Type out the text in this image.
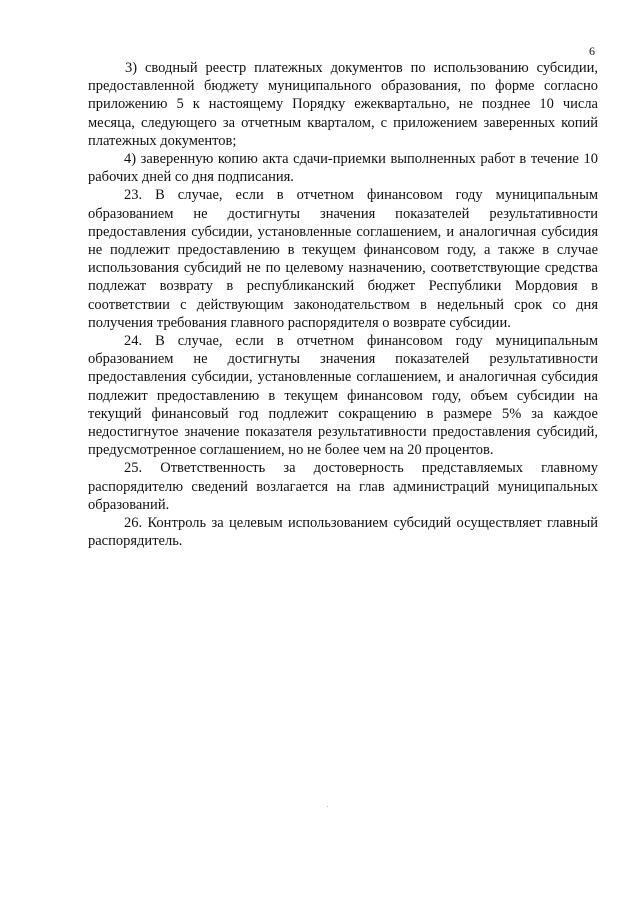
6

3) сводный реестр платежных документов по использованию субсидии, предоставленной бюджету муниципального образования, по форме согласно приложению 5 к настоящему Порядку ежеквартально, не позднее 10 числа месяца, следующего за отчетным кварталом, с приложением заверенных копий платежных документов;

4) заверенную копию акта сдачи-приемки выполненных работ в течение 10 рабочих дней со дня подписания.

23. В случае, если в отчетном финансовом году муниципальным образованием не достигнуты значения показателей результативности предоставления субсидии, установленные соглашением, и аналогичная субсидия не подлежит предоставлению в текущем финансовом году, а также в случае использования субсидий не по целевому назначению, соответствующие средства подлежат возврату в республиканский бюджет Республики Мордовия в соответствии с действующим законодательством в недельный срок со дня получения требования главного распорядителя о возврате субсидии.

24. В случае, если в отчетном финансовом году муниципальным образованием не достигнуты значения показателей результативности предоставления субсидии, установленные соглашением, и аналогичная субсидия подлежит предоставлению в текущем финансовом году, объем субсидии на текущий финансовый год подлежит сокращению в размере 5% за каждое недостигнутое значение показателя результативности предоставления субсидий, предусмотренное соглашением, но не более чем на 20 процентов.

25. Ответственность за достоверность представляемых главному распорядителю сведений возлагается на глав администраций муниципальных образований.

26. Контроль за целевым использованием субсидий осуществляет главный распорядитель.
